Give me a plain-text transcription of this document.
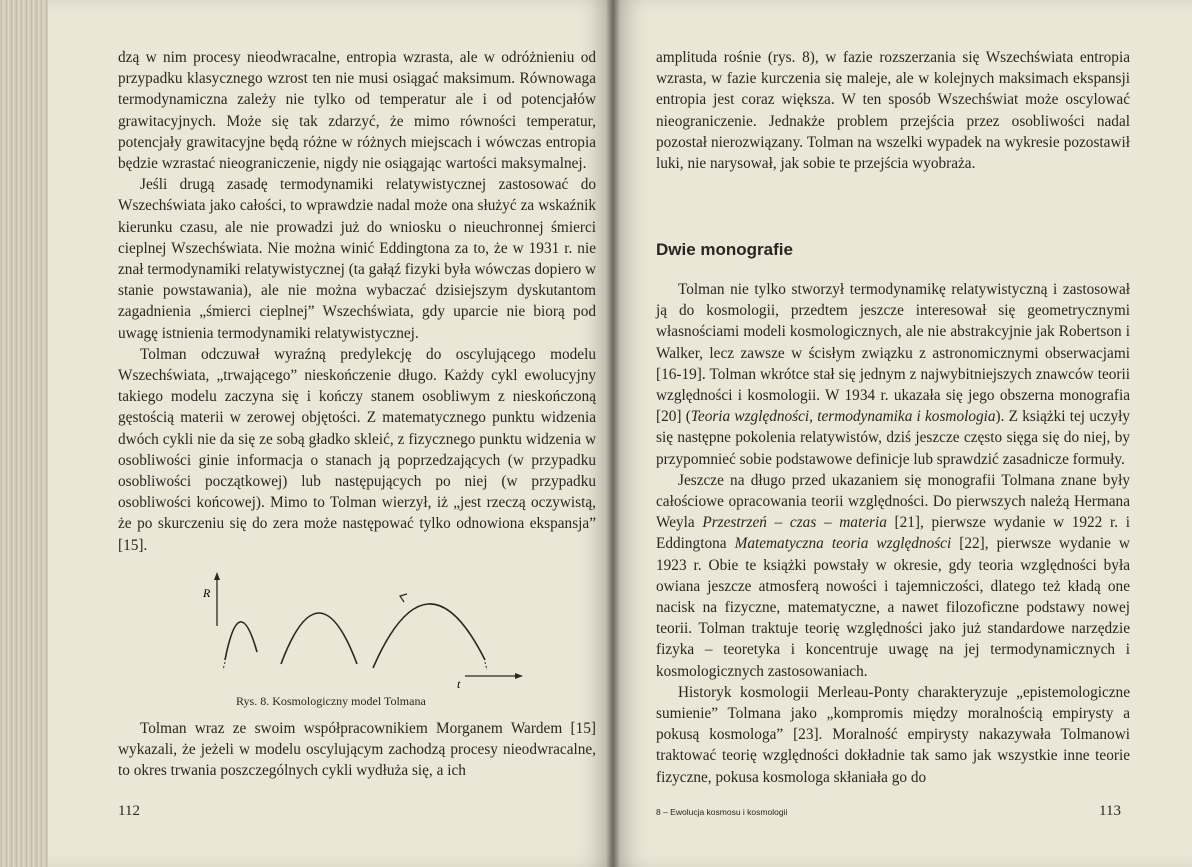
dzą w nim procesy nieodwracalne, entropia wzrasta, ale w odróżnieniu od przypadku klasycznego wzrost ten nie musi osiągać maksimum. Równowaga termodynamiczna zależy nie tylko od temperatur ale i od potencjałów grawitacyjnych. Może się tak zdarzyć, że mimo równości temperatur, potencjały grawitacyjne będą różne w różnych miejscach i wówczas entropia będzie wzrastać nieograniczenie, nigdy nie osiągając wartości maksymalnej.

Jeśli drugą zasadę termodynamiki relatywistycznej zastosować do Wszechświata jako całości, to wprawdzie nadal może ona służyć za wskaźnik kierunku czasu, ale nie prowadzi już do wniosku o nieuchronnej śmierci cieplnej Wszechświata. Nie można winić Eddingtona za to, że w 1931 r. nie znał termodynamiki relatywistycznej (ta gałąź fizyki była wówczas dopiero w stanie powstawania), ale nie można wybaczać dzisiejszym dyskutantom zagadnienia „śmierci cieplnej” Wszechświata, gdy uparcie nie biorą pod uwagę istnienia termodynamiki relatywistycznej.

Tolman odczuwał wyraźną predylekcję do oscylującego modelu Wszechświata, „trwającego” nieskończenie długo. Każdy cykl ewolucyjny takiego modelu zaczyna się i kończy stanem osobliwym z nieskończoną gęstością materii w zerowej objętości. Z matematycznego punktu widzenia dwóch cykli nie da się ze sobą gładko skleić, z fizycznego punktu widzenia w osobliwości ginie informacja o stanach ją poprzedzających (w przypadku osobliwości początkowej) lub następujących po niej (w przypadku osobliwości końcowej). Mimo to Tolman wierzył, iż „jest rzeczą oczywistą, że po skurczeniu się do zera może następować tylko odnowiona ekspansja” [15].

R
t
Rys. 8. Kosmologiczny model Tolmana

Tolman wraz ze swoim współpracownikiem Morganem Wardem [15] wykazali, że jeżeli w modelu oscylującym zachodzą procesy nieodwracalne, to okres trwania poszczególnych cykli wydłuża się, a ich

112

amplituda rośnie (rys. 8), w fazie rozszerzania się Wszechświata entropia wzrasta, w fazie kurczenia się maleje, ale w kolejnych maksimach ekspansji entropia jest coraz większa. W ten sposób Wszechświat może oscylować nieograniczenie. Jednakże problem przejścia przez osobliwości nadal pozostał nierozwiązany. Tolman na wszelki wypadek na wykresie pozostawił luki, nie narysował, jak sobie te przejścia wyobraża.

Dwie monografie

Tolman nie tylko stworzył termodynamikę relatywistyczną i zastosował ją do kosmologii, przedtem jeszcze interesował się geometrycznymi własnościami modeli kosmologicznych, ale nie abstrakcyjnie jak Robertson i Walker, lecz zawsze w ścisłym związku z astronomicznymi obserwacjami [16-19]. Tolman wkrótce stał się jednym z najwybitniejszych znawców teorii względności i kosmologii. W 1934 r. ukazała się jego obszerna monografia [20] (Teoria względności, termodynamika i kosmologia). Z książki tej uczyły się następne pokolenia relatywistów, dziś jeszcze często sięga się do niej, by przypomnieć sobie podstawowe definicje lub sprawdzić zasadnicze formuły.

Jeszcze na długo przed ukazaniem się monografii Tolmana znane były całościowe opracowania teorii względności. Do pierwszych należą Hermana Weyla Przestrzeń – czas – materia [21], pierwsze wydanie w 1922 r. i Eddingtona Matematyczna teoria względności [22], pierwsze wydanie w 1923 r. Obie te książki powstały w okresie, gdy teoria względności była owiana jeszcze atmosferą nowości i tajemniczości, dlatego też kładą one nacisk na fizyczne, matematyczne, a nawet filozoficzne podstawy nowej teorii. Tolman traktuje teorię względności jako już standardowe narzędzie fizyka – teoretyka i koncentruje uwagę na jej termodynamicznych i kosmologicznych zastosowaniach.

Historyk kosmologii Merleau-Ponty charakteryzuje „epistemologiczne sumienie” Tolmana jako „kompromis między moralnością empirysty a pokusą kosmologa” [23]. Moralność empirysty nakazywała Tolmanowi traktować teorię względności dokładnie tak samo jak wszystkie inne teorie fizyczne, pokusa kosmologa skłaniała go do

8 – Ewolucja kosmosu i kosmologii	113
